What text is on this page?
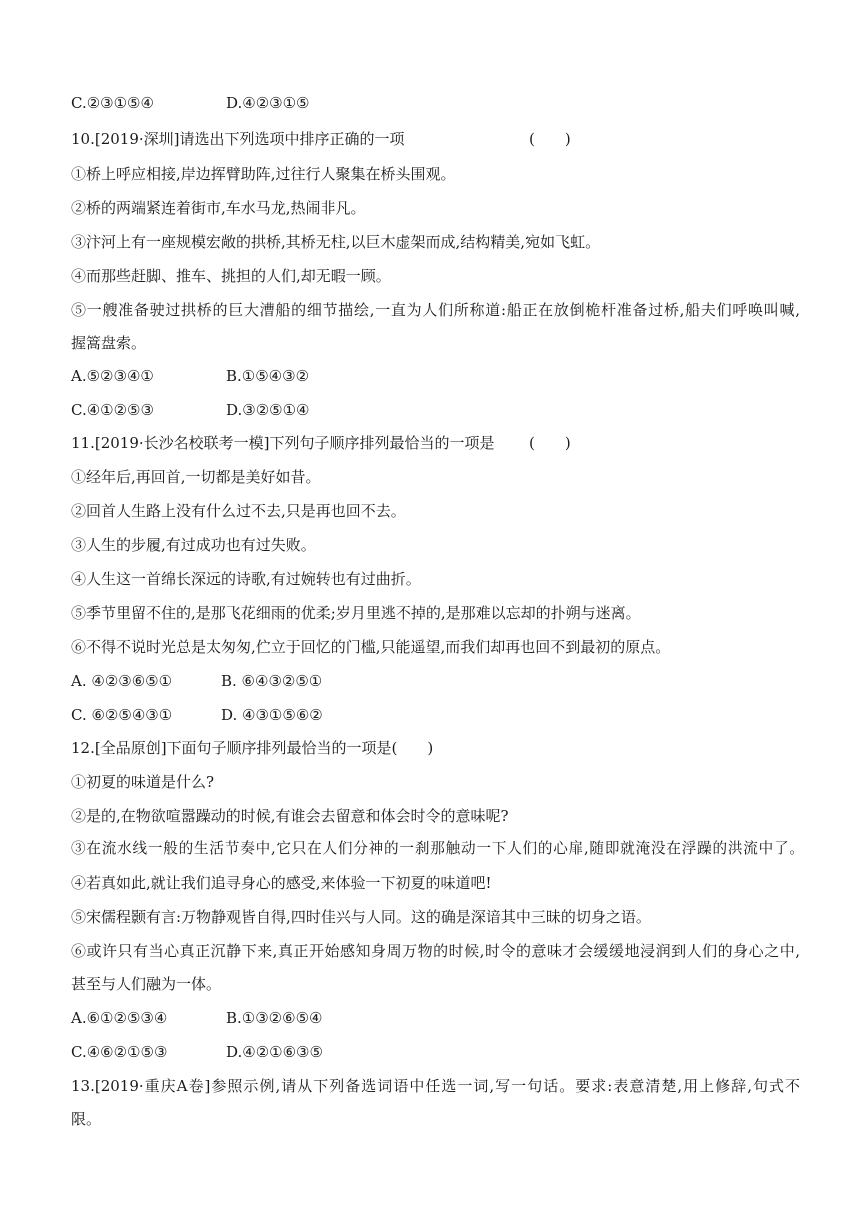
C.②③①⑤④	D.④②③①⑤
10.[2019·深圳]请选出下列选项中排序正确的一项	(　　)
①桥上呼应相接,岸边挥臂助阵,过往行人聚集在桥头围观。
②桥的两端紧连着街市,车水马龙,热闹非凡。
③汴河上有一座规模宏敞的拱桥,其桥无柱,以巨木虚架而成,结构精美,宛如飞虹。
④而那些赶脚、推车、挑担的人们,却无暇一顾。
⑤一艘准备驶过拱桥的巨大漕船的细节描绘,一直为人们所称道:船正在放倒桅杆准备过桥,船夫们呼唤叫喊,
握篙盘索。
A.⑤②③④①	B.①⑤④③②
C.④①②⑤③	D.③②⑤①④
11.[2019·长沙名校联考一模]下列句子顺序排列最恰当的一项是	(　　)
①经年后,再回首,一切都是美好如昔。
②回首人生路上没有什么过不去,只是再也回不去。
③人生的步履,有过成功也有过失败。
④人生这一首绵长深远的诗歌,有过婉转也有过曲折。
⑤季节里留不住的,是那飞花细雨的优柔;岁月里逃不掉的,是那难以忘却的扑朔与迷离。
⑥不得不说时光总是太匆匆,伫立于回忆的门槛,只能遥望,而我们却再也回不到最初的原点。
A. ④②③⑥⑤①	B. ⑥④③②⑤①
C. ⑥②⑤④③①	D. ④③①⑤⑥②
12.[全品原创]下面句子顺序排列最恰当的一项是(　　)
①初夏的味道是什么?
②是的,在物欲喧嚣躁动的时候,有谁会去留意和体会时令的意味呢?
③在流水线一般的生活节奏中,它只在人们分神的一刹那触动一下人们的心扉,随即就淹没在浮躁的洪流中了。
④若真如此,就让我们追寻身心的感受,来体验一下初夏的味道吧!
⑤宋儒程颢有言:万物静观皆自得,四时佳兴与人同。这的确是深谙其中三昧的切身之语。
⑥或许只有当心真正沉静下来,真正开始感知身周万物的时候,时令的意味才会缓缓地浸润到人们的身心之中,
甚至与人们融为一体。
A.⑥①②⑤③④	B.①③②⑥⑤④
C.④⑥②①⑤③	D.④②①⑥③⑤
13.[2019·重庆A卷]参照示例,请从下列备选词语中任选一词,写一句话。要求:表意清楚,用上修辞,句式不
限。
